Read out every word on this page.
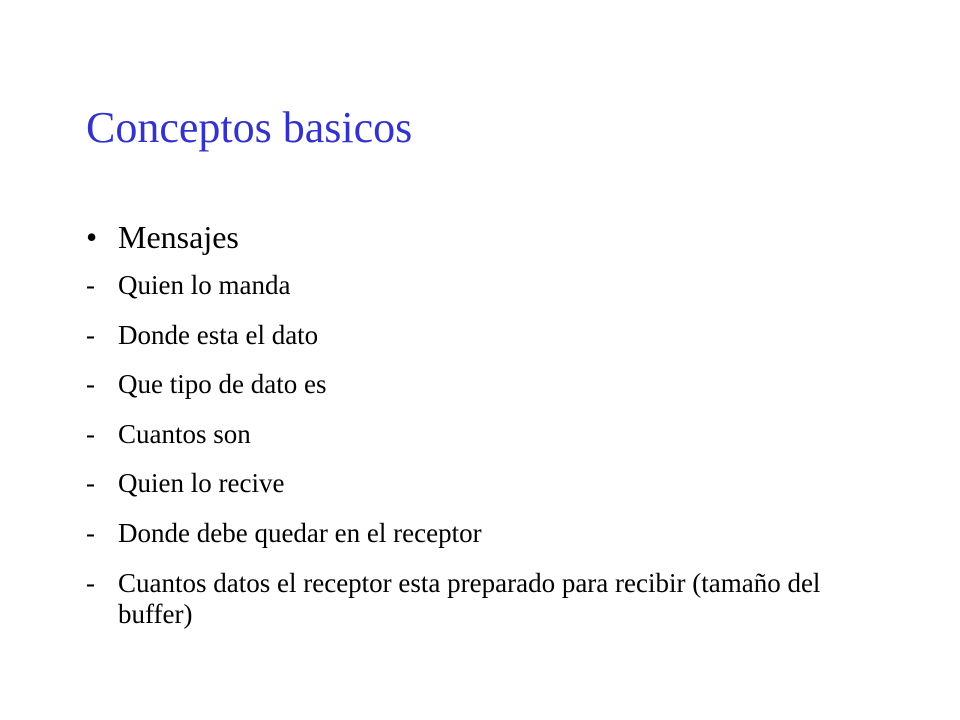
Conceptos basicos
• Mensajes
- Quien lo manda
- Donde esta el dato
- Que tipo de dato es
- Cuantos son
- Quien lo recive
- Donde debe quedar en el receptor
- Cuantos datos el receptor esta preparado para recibir (tamaño del buffer)
